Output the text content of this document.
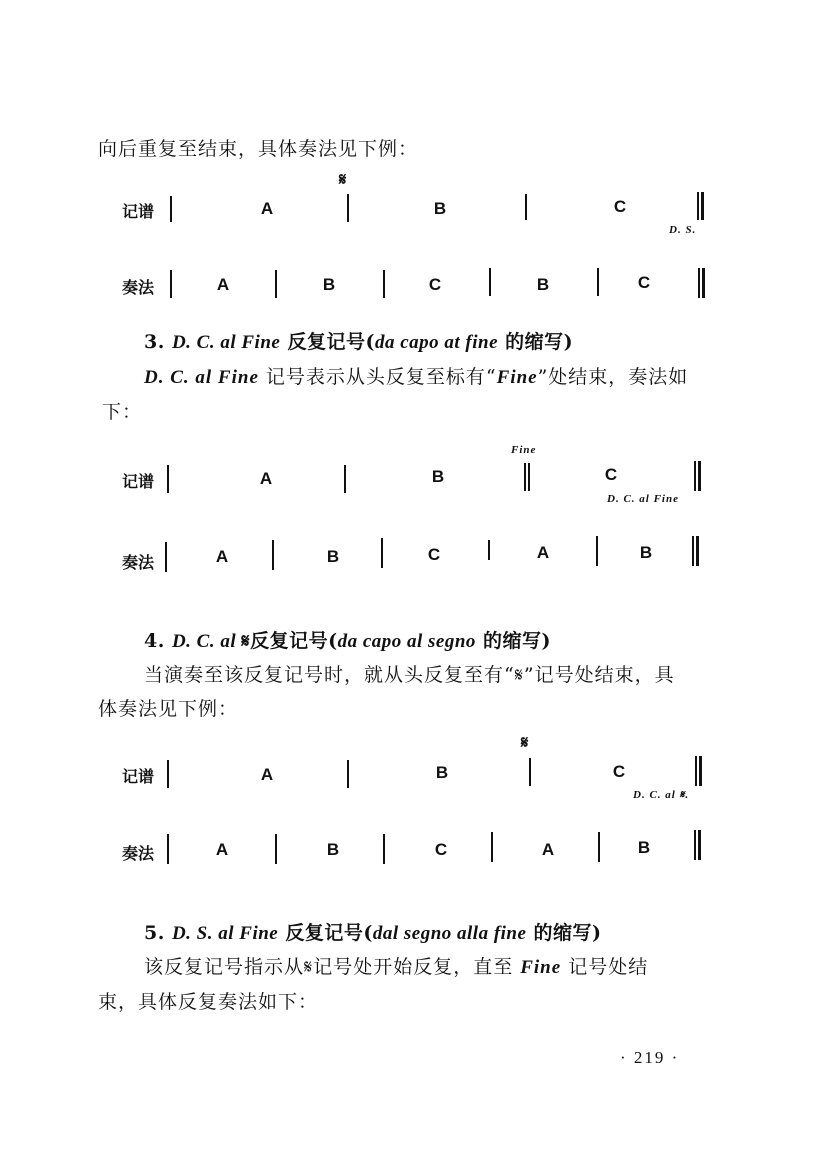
向后重复至结束，具体奏法见下例：
𝄋
记谱	A	B	C
D. S.
奏法	A	B	C	B	C
3. D. C. al Fine 反复记号(da capo at fine 的缩写)
D. C. al Fine 记号表示从头反复至标有“Fine”处结束，奏法如
下：
Fine
记谱	A	B	C
D. C. al Fine
奏法	A	B	C	A	B
4. D. C. al 𝄋反复记号(da capo al segno 的缩写)
当演奏至该反复记号时，就从头反复至有“𝄋”记号处结束，具
体奏法见下例：
𝄋
记谱	A	B	C
D. C. al 𝄋.
奏法	A	B	C	A	B
5. D. S. al Fine 反复记号(dal segno alla fine 的缩写)
该反复记号指示从𝄋记号处开始反复，直至 Fine 记号处结
束，具体反复奏法如下：
· 219 ·
